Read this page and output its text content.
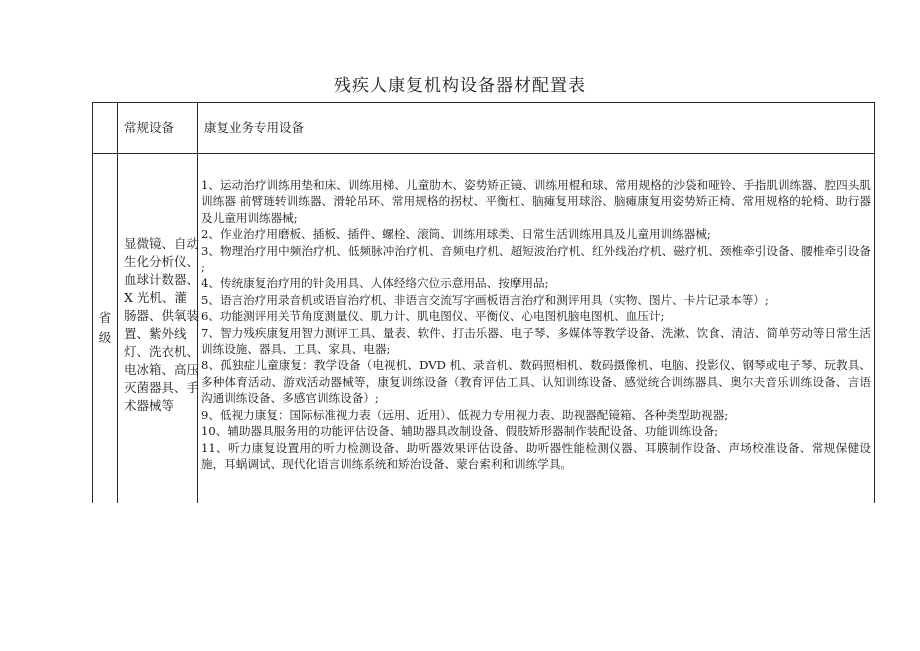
残疾人康复机构设备器材配置表
常规设备	康复业务专用设备
省级
显微镜、自动生化分析仪、血球计数器、X 光机、灌肠器、供氧装置、紫外线灯、洗衣机、电冰箱、高压灭菌器具、手术器械等
1、运动治疗训练用垫和床、训练用梯、儿童肋木、姿势矫正镜、训练用棍和球、常用规格的沙袋和哑铃、手指肌训练器、腔四头肌训练器 前臂琏转训练器、滑轮吊环、常用规格的拐杖、平衡杠、脑瘫复用球浴、脑瘫康复用姿势矫正椅、常用规格的轮椅、助行器及儿童用训练器械;
2、作业治疗用磨板、插板、插件、螺栓、滚筒、训练用球类、日常生活训练用具及儿童用训练器械;
3、物理治疗用中频治疗机、低频脉冲治疗机、音频电疗机、超短波治疗机、红外线治疗机、磁疗机、颈椎牵引设备、腰椎牵引设备 ;
4、传统康复治疗用的针灸用具、人体经络穴位示意用品、按摩用品;
5、语言治疗用录音机或语盲治疗机、非语言交流写字画板语言治疗和测评用具（实物、图片、卡片记录本等）;
6、功能测评用关节角度测量仪、肌力计、肌电图仪、平衡仪、心电图机脑电图机、血压计;
7、智力残疾康复用智力测评工具、量表、软件、打击乐器、电子琴、多媒体等教学设备、洗漱、饮食、清洁、简单劳动等日常生活训练设施、器具、工具、家具、电器;
8、孤独症儿童康复：教学设备（电视机、DVD 机、录音机、数码照相机、数码摄像机、电脑、投影仪、钢琴或电子琴、玩教具、多种体育活动、游戏活动器械等，康复训练设备（教育评估工具、认知训练设备、感觉统合训练器具、奥尔夫音乐训练设备、言语沟通训练设备、多感官训练设备）;
9、低视力康复：国际标准视力表（远用、近用）、低视力专用视力表、助视器配镜箱、各种类型助视器;
10、辅助器具服务用的功能评估设备、辅助器具改制设备、假肢矫形器制作装配设备、功能训练设备;
11、听力康复设置用的听力检测设备、助听器效果评估设备、助听器性能检测仪器、耳膜制作设备、声场校准设备、常规保健设施，耳蜗调试、现代化语言训练系统和矫治设备、蒙台索利和训练学具。
